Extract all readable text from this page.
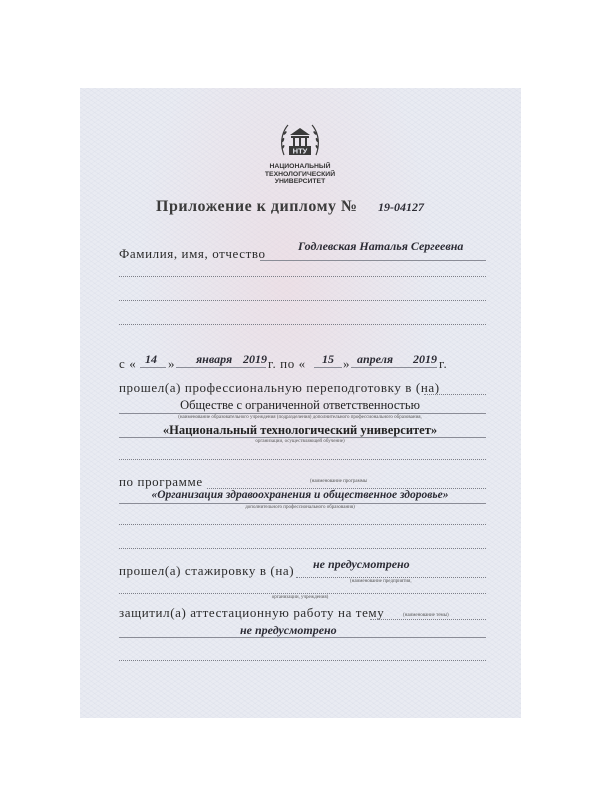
НТУ
НАЦИОНАЛЬНЫЙ
ТЕХНОЛОГИЧЕСКИЙ
УНИВЕРСИТЕТ
Приложение к диплому № 19-04127
Фамилия, имя, отчество	Годлевская Наталья Сергеевна
с « 14 » января 2019 г. по « 15 » апреля 2019 г.
прошел(а) профессиональную переподготовку в (на)
Обществе с ограниченной ответственностью
(наименование образовательного учреждения (подразделения) дополнительного профессионального образования,
«Национальный технологический университет»
организации, осуществляющей обучение)
по программе	(наименование программы
«Организация здравоохранения и общественное здоровье»
дополнительного профессионального образования)
прошел(а) стажировку в (на) не предусмотрено
(наименование предприятия,
организации, учреждения)
защитил(а) аттестационную работу на тему	(наименование темы)
не предусмотрено
